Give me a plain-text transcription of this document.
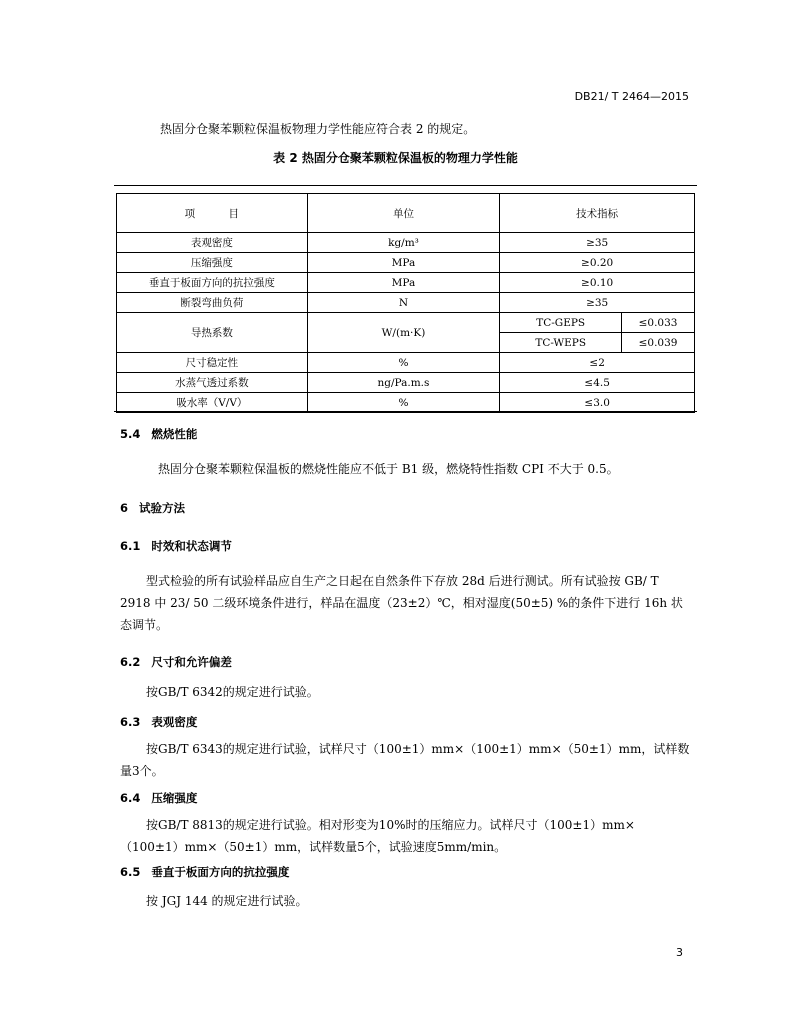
DB21/ T 2464—2015
热固分仓聚苯颗粒保温板物理力学性能应符合表 2 的规定。
表 2 热固分仓聚苯颗粒保温板的物理力学性能
项          目	单位	技术指标	
表观密度	kg/m³	≥35	
压缩强度	MPa	≥0.20	
垂直于板面方向的抗拉强度	MPa	≥0.10	
断裂弯曲负荷	N	≥35	
导热系数	W/(m·K)	TC-GEPS	≤0.033
		TC-WEPS	≤0.039
尺寸稳定性	%	≤2	
水蒸气透过系数	ng/Pa.m.s	≤4.5	
吸水率（V/V）	%	≤3.0	
5.4 燃烧性能
热固分仓聚苯颗粒保温板的燃烧性能应不低于 B1 级，燃烧特性指数 CPI 不大于 0.5。
6 试验方法
6.1 时效和状态调节
型式检验的所有试验样品应自生产之日起在自然条件下存放 28d 后进行测试。所有试验按 GB/ T 2918 中 23/ 50 二级环境条件进行，样品在温度（23±2）℃，相对湿度(50±5) %的条件下进行 16h 状态调节。
6.2 尺寸和允许偏差
按GB/T 6342的规定进行试验。
6.3 表观密度
按GB/T 6343的规定进行试验，试样尺寸（100±1）mm×（100±1）mm×（50±1）mm，试样数量3个。
6.4 压缩强度
按GB/T 8813的规定进行试验。相对形变为10%时的压缩应力。试样尺寸（100±1）mm×（100±1）mm×（50±1）mm，试样数量5个，试验速度5mm/min。
6.5 垂直于板面方向的抗拉强度
按 JGJ 144 的规定进行试验。
3
